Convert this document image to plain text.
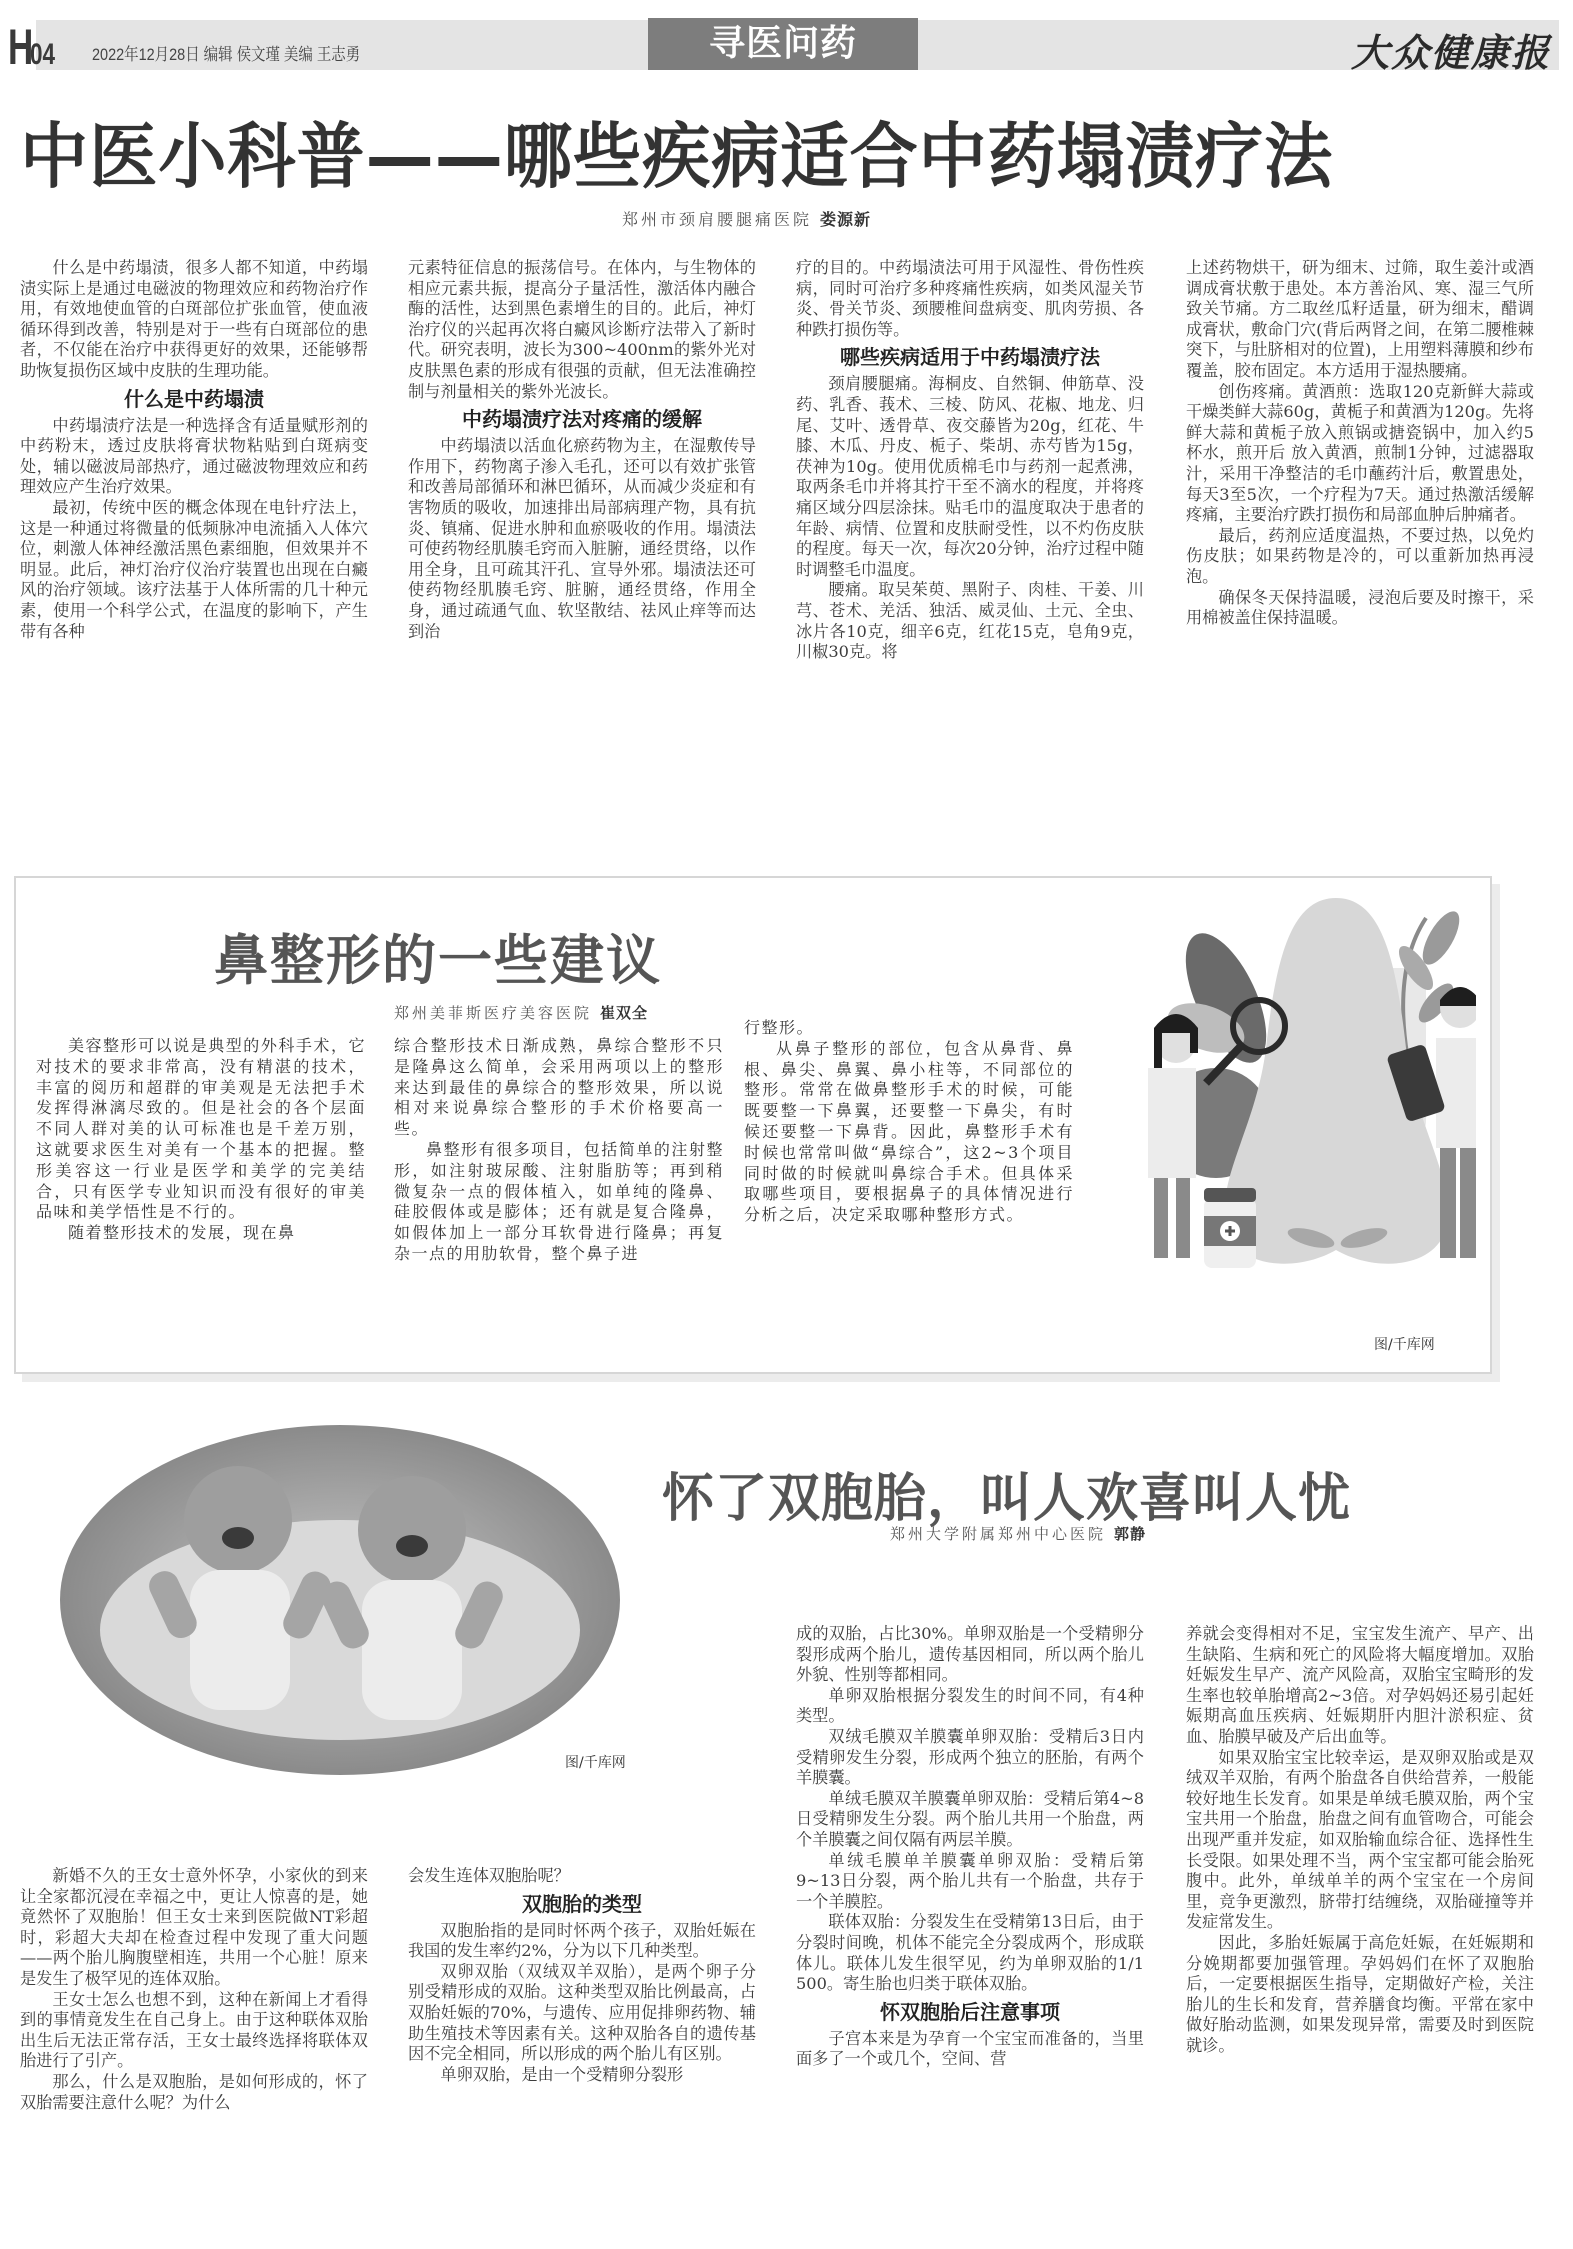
H
04 2022年12月28日 编辑 侯文瑾 美编 王志勇	寻医问药	大众健康报
中医小科普——哪些疾病适合中药塌渍疗法
郑州市颈肩腰腿痛医院 娄源新

什么是中药塌渍，很多人都不知道，中药塌渍实际上是通过电磁波的物理效应和药物治疗作用，有效地使血管的白斑部位扩张血管，使血液循环得到改善，特别是对于一些有白斑部位的患者，不仅能在治疗中获得更好的效果，还能够帮助恢复损伤区域中皮肤的生理功能。

什么是中药塌渍

中药塌渍疗法是一种选择含有适量赋形剂的中药粉末，透过皮肤将膏状物粘贴到白斑病变处，辅以磁波局部热疗，通过磁波物理效应和药理效应产生治疗效果。

最初，传统中医的概念体现在电针疗法上，这是一种通过将微量的低频脉冲电流插入人体穴位，刺激人体神经激活黑色素细胞，但效果并不明显。此后，神灯治疗仪治疗装置也出现在白癜风的治疗领域。该疗法基于人体所需的几十种元素，使用一个科学公式，在温度的影响下，产生带有各种

元素特征信息的振荡信号。在体内，与生物体的相应元素共振，提高分子量活性，激活体内融合酶的活性，达到黑色素增生的目的。此后，神灯治疗仪的兴起再次将白癜风诊断疗法带入了新时代。研究表明，波长为300~400nm的紫外光对皮肤黑色素的形成有很强的贡献，但无法准确控制与剂量相关的紫外光波长。

中药塌渍疗法对疼痛的缓解

中药塌渍以活血化瘀药物为主，在湿敷传导作用下，药物离子渗入毛孔，还可以有效扩张管和改善局部循环和淋巴循环，从而减少炎症和有害物质的吸收，加速排出局部病理产物，具有抗炎、镇痛、促进水肿和血瘀吸收的作用。塌渍法可使药物经肌腠毛窍而入脏腑，通经贯络，以作用全身，且可疏其汗孔、宣导外邪。塌渍法还可使药物经肌腠毛窍、脏腑，通经贯络，作用全身，通过疏通气血、软坚散结、祛风止痒等而达到治

疗的目的。中药塌渍法可用于风湿性、骨伤性疾病，同时可治疗多种疼痛性疾病，如类风湿关节炎、骨关节炎、颈腰椎间盘病变、肌肉劳损、各种跌打损伤等。

哪些疾病适用于中药塌渍疗法

颈肩腰腿痛。海桐皮、自然铜、伸筋草、没药、乳香、莪术、三棱、防风、花椒、地龙、归尾、艾叶、透骨草、夜交藤皆为20g，红花、牛膝、木瓜、丹皮、栀子、柴胡、赤芍皆为15g，茯神为10g。使用优质棉毛巾与药剂一起煮沸，取两条毛巾并将其拧干至不滴水的程度，并将疼痛区域分四层涂抹。贴毛巾的温度取决于患者的年龄、病情、位置和皮肤耐受性，以不灼伤皮肤的程度。每天一次，每次20分钟，治疗过程中随时调整毛巾温度。

腰痛。取吴茱萸、黑附子、肉桂、干姜、川芎、苍术、羌活、独活、威灵仙、土元、全虫、冰片各10克，细辛6克，红花15克，皂角9克，川椒30克。将

上述药物烘干，研为细末、过筛，取生姜汁或酒调成膏状敷于患处。本方善治风、寒、湿三气所致关节痛。方二取丝瓜籽适量，研为细末，醋调成膏状，敷命门穴(背后两肾之间，在第二腰椎棘突下，与肚脐相对的位置)，上用塑料薄膜和纱布覆盖，胶布固定。本方适用于湿热腰痛。

创伤疼痛。黄酒煎：选取120克新鲜大蒜或干燥类鲜大蒜60g，黄栀子和黄酒为120g。先将鲜大蒜和黄栀子放入煎锅或搪瓷锅中，加入约5杯水，煎开后 放入黄酒，煎制1分钟，过滤器取汁，采用干净整洁的毛巾蘸药汁后，敷置患处，每天3至5次，一个疗程为7天。通过热激活缓解疼痛，主要治疗跌打损伤和局部血肿后肿痛者。

最后，药剂应适度温热，不要过热，以免灼伤皮肤；如果药物是冷的，可以重新加热再浸泡。

确保冬天保持温暖，浸泡后要及时擦干，采用棉被盖住保持温暖。

鼻整形的一些建议
郑州美菲斯医疗美容医院 崔双全

美容整形可以说是典型的外科手术，它对技术的要求非常高，没有精湛的技术，丰富的阅历和超群的审美观是无法把手术发挥得淋漓尽致的。但是社会的各个层面不同人群对美的认可标准也是千差万别，这就要求医生对美有一个基本的把握。整形美容这一行业是医学和美学的完美结合，只有医学专业知识而没有很好的审美品味和美学悟性是不行的。

随着整形技术的发展，现在鼻

综合整形技术日渐成熟，鼻综合整形不只是隆鼻这么简单，会采用两项以上的整形来达到最佳的鼻综合的整形效果，所以说相对来说鼻综合整形的手术价格要高一些。

鼻整形有很多项目，包括简单的注射整形，如注射玻尿酸、注射脂肪等；再到稍微复杂一点的假体植入，如单纯的隆鼻、硅胶假体或是膨体；还有就是复合隆鼻，如假体加上一部分耳软骨进行隆鼻；再复杂一点的用肋软骨，整个鼻子进

行整形。

从鼻子整形的部位，包含从鼻背、鼻根、鼻尖、鼻翼、鼻小柱等，不同部位的整形。常常在做鼻整形手术的时候，可能既要整一下鼻翼，还要整一下鼻尖，有时候还要整一下鼻背。因此，鼻整形手术有时候也常常叫做“鼻综合”，这2~3个项目同时做的时候就叫鼻综合手术。但具体采取哪些项目，要根据鼻子的具体情况进行分析之后，决定采取哪种整形方式。

图/千库网
图/千库网
怀了双胞胎，叫人欢喜叫人忧
郑州大学附属郑州中心医院 郭静

新婚不久的王女士意外怀孕，小家伙的到来让全家都沉浸在幸福之中，更让人惊喜的是，她竟然怀了双胞胎！但王女士来到医院做NT彩超时，彩超大夫却在检查过程中发现了重大问题——两个胎儿胸腹壁相连，共用一个心脏！原来是发生了极罕见的连体双胎。

王女士怎么也想不到，这种在新闻上才看得到的事情竟发生在自己身上。由于这种联体双胎出生后无法正常存活，王女士最终选择将联体双胎进行了引产。

那么，什么是双胞胎，是如何形成的，怀了双胎需要注意什么呢？为什么

会发生连体双胞胎呢？

双胞胎的类型

双胞胎指的是同时怀两个孩子，双胎妊娠在我国的发生率约2%，分为以下几种类型。

双卵双胎（双绒双羊双胎），是两个卵子分别受精形成的双胎。这种类型双胎比例最高，占双胎妊娠的70%，与遗传、应用促排卵药物、辅助生殖技术等因素有关。这种双胎各自的遗传基因不完全相同，所以形成的两个胎儿有区别。

单卵双胎，是由一个受精卵分裂形

成的双胎，占比30%。单卵双胎是一个受精卵分裂形成两个胎儿，遗传基因相同，所以两个胎儿外貌、性别等都相同。

单卵双胎根据分裂发生的时间不同，有4种类型。

双绒毛膜双羊膜囊单卵双胎：受精后3日内受精卵发生分裂，形成两个独立的胚胎，有两个羊膜囊。

单绒毛膜双羊膜囊单卵双胎：受精后第4~8日受精卵发生分裂。两个胎儿共用一个胎盘，两个羊膜囊之间仅隔有两层羊膜。

单绒毛膜单羊膜囊单卵双胎：受精后第9~13日分裂，两个胎儿共有一个胎盘，共存于一个羊膜腔。

联体双胎：分裂发生在受精第13日后，由于分裂时间晚，机体不能完全分裂成两个，形成联体儿。联体儿发生很罕见，约为单卵双胎的1/1 500。寄生胎也归类于联体双胎。

怀双胞胎后注意事项

子宫本来是为孕育一个宝宝而准备的，当里面多了一个或几个，空间、营

养就会变得相对不足，宝宝发生流产、早产、出生缺陷、生病和死亡的风险将大幅度增加。双胎妊娠发生早产、流产风险高，双胎宝宝畸形的发生率也较单胎增高2~3倍。对孕妈妈还易引起妊娠期高血压疾病、妊娠期肝内胆汁淤积症、贫血、胎膜早破及产后出血等。

如果双胎宝宝比较幸运，是双卵双胎或是双绒双羊双胎，有两个胎盘各自供给营养，一般能较好地生长发育。如果是单绒毛膜双胎，两个宝宝共用一个胎盘，胎盘之间有血管吻合，可能会出现严重并发症，如双胎输血综合征、选择性生长受限。如果处理不当，两个宝宝都可能会胎死腹中。此外，单绒单羊的两个宝宝在一个房间里，竞争更激烈，脐带打结缠绕，双胎碰撞等并发症常发生。

因此，多胎妊娠属于高危妊娠，在妊娠期和分娩期都要加强管理。孕妈妈们在怀了双胞胎后，一定要根据医生指导，定期做好产检，关注胎儿的生长和发育，营养膳食均衡。平常在家中做好胎动监测，如果发现异常，需要及时到医院就诊。
